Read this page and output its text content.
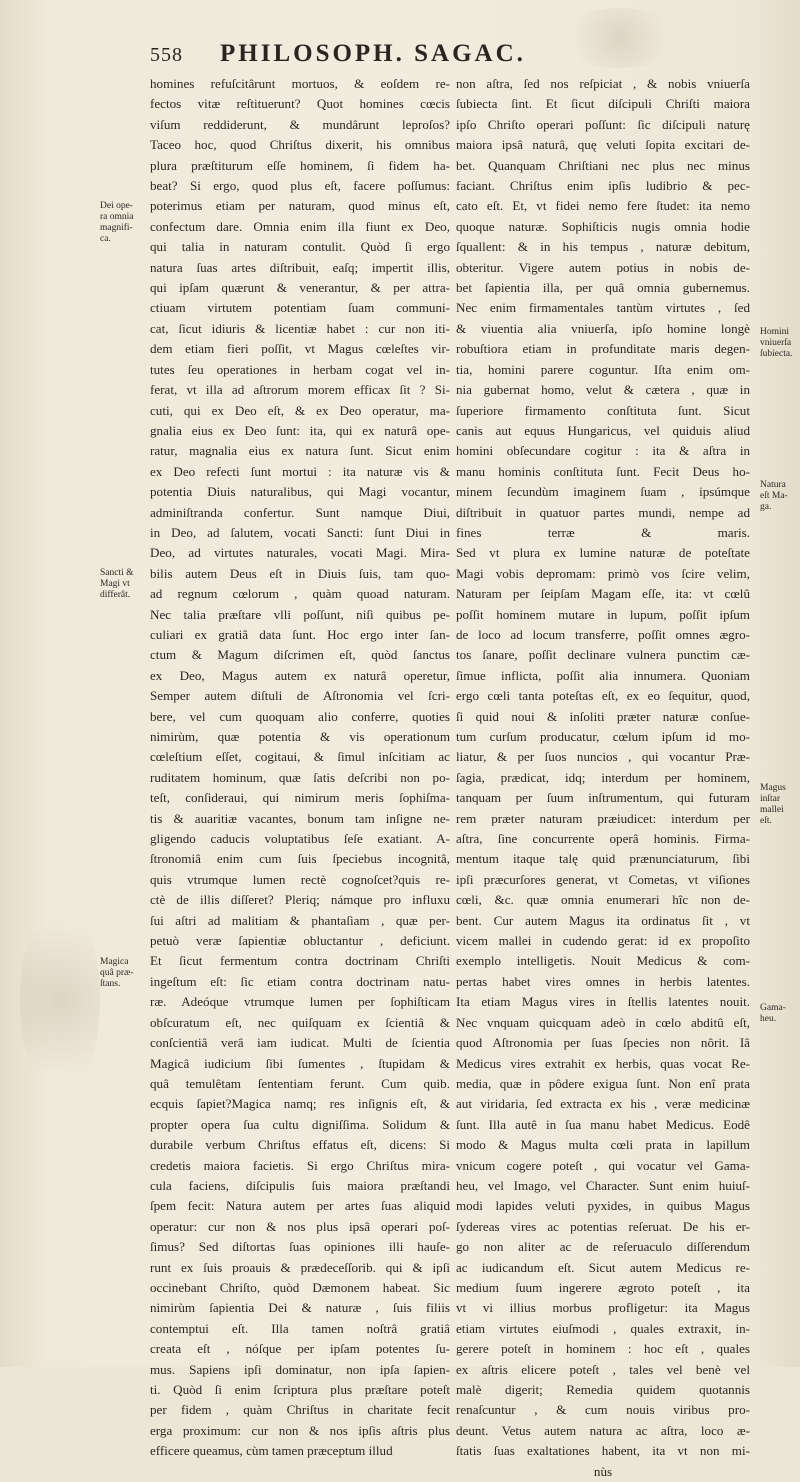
558 PHILOSOPH. SAGAC.
homines refuſcitârunt mortuos, & eoſdem re-
fectos vitæ reſtituerunt? Quot homines cœcis
viſum reddiderunt, & mundârunt leproſos?
Taceo hoc, quod Chriſtus dixerit, his omnibus
plura præſtiturum eſſe hominem, ſi fidem ha-
beat? Si ergo, quod plus eſt, facere poſſumus:
poterimus etiam per naturam, quod minus eſt,
confectum dare. Omnia enim illa fiunt ex Deo,
qui talia in naturam contulit. Quòd ſi ergo
natura ſuas artes diſtribuit, eaſq; impertit illis,
qui ipſam quærunt & venerantur, & per attra-
ctiuam virtutem potentiam ſuam communi-
cat, ſicut idiuris & licentiæ habet : cur non iti-
dem etiam fieri poſſit, vt Magus cœleſtes vir-
tutes ſeu operationes in herbam cogat vel in-
ferat, vt illa ad aſtrorum morem efficax ſit ? Si-
cuti, qui ex Deo eſt, & ex Deo operatur, ma-
gnalia eius ex Deo ſunt: ita, qui ex naturâ ope-
ratur, magnalia eius ex natura ſunt. Sicut enim
ex Deo refecti ſunt mortui : ita naturæ vis &
potentia Diuis naturalibus, qui Magi vocantur,
adminiſtranda confertur. Sunt namque Diui,
in Deo, ad ſalutem, vocati Sancti: ſunt Diui in
Deo, ad virtutes naturales, vocati Magi. Mira-
bilis autem Deus eſt in Diuis ſuis, tam quo-
ad regnum cœlorum , quàm quoad naturam.
Nec talia præſtare vlli poſſunt, niſi quibus pe-
culiari ex gratiâ data ſunt. Hoc ergo inter ſan-
ctum & Magum diſcrimen eſt, quòd ſanctus
ex Deo, Magus autem ex naturâ operetur,
Semper autem diſtuli de Aſtronomia vel ſcri-
bere, vel cum quoquam alio conferre, quoties
nimirùm, quæ potentia & vis operationum
cœleſtium eſſet, cogitaui, & ſimul inſcitiam ac
ruditatem hominum, quæ ſatis deſcribi non po-
teſt, conſideraui, qui nimirum meris ſophiſma-
tis & auaritiæ vacantes, bonum tam inſigne ne-
gligendo caducis voluptatibus ſeſe exatiant. A-
ſtronomiâ enim cum ſuis ſpeciebus incognitâ,
quis vtrumque lumen rectè cognoſcet?quis re-
ctè de illis diſſeret? Pleriq; námque pro influxu
ſui aſtri ad malitiam & phantaſiam , quæ per-
petuò veræ ſapientiæ obluctantur , deficiunt.
Et ſicut fermentum contra doctrinam Chriſti
ingeſtum eſt: ſic etiam contra doctrinam natu-
ræ. Adeóque vtrumque lumen per ſophiſticam
obſcuratum eſt, nec quiſquam ex ſcientiâ &
conſcientiâ verâ iam iudicat. Multi de ſcientia
Magicâ iudicium ſibi ſumentes , ſtupidam &
quâ temulêtam ſententiam ferunt. Cum quib.
ecquis ſapiet?Magica namq; res inſignis eſt, &
propter opera ſua cultu digniſſima. Solidum &
durabile verbum Chriſtus effatus eſt, dicens: Si
credetis maiora facietis. Si ergo Chriſtus mira-
cula faciens, diſcipulis ſuis maiora præſtandi
ſpem fecit: Natura autem per artes ſuas aliquid
operatur: cur non & nos plus ipsâ operari poſ-
ſimus? Sed diſtortas ſuas opiniones illi hauſe-
runt ex ſuis proauis & prædeceſſorib. qui & ipſi
occinebant Chriſto, quòd Dæmonem habeat. Sic
nimirùm ſapientia Dei & naturæ , ſuis filiis
contemptui eſt. Illa tamen noſtrâ gratiâ
creata eſt , nóſque per ipſam potentes ſu-
mus. Sapiens ipſi dominatur, non ipſa ſapien-
ti. Quòd ſi enim ſcriptura plus præſtare poteſt
per fidem , quàm Chriſtus in charitate fecit
erga proximum: cur non & nos ipſis aſtris plus
efficere queamus, cùm tamen præceptum illud
non aſtra, ſed nos reſpiciat , & nobis vniuerſa
ſubiecta ſint. Et ſicut diſcipuli Chriſti maiora
ipſo Chriſto operari poſſunt: ſic diſcipuli naturę
maiora ipsâ naturâ, quę veluti ſopita excitari de-
bet. Quanquam Chriſtiani nec plus nec minus
faciant. Chriſtus enim ipſis ludibrio & pec-
cato eſt. Et, vt fidei nemo fere ſtudet: ita nemo
quoque naturæ. Sophiſticis nugis omnia hodie
ſquallent: & in his tempus , naturæ debitum,
obteritur. Vigere autem potius in nobis de-
bet ſapientia illa, per quâ omnia gubernemus.
Nec enim firmamentales tantùm virtutes , ſed
& viuentia alia vniuerſa, ipſo homine longè
robuſtiora etiam in profunditate maris degen-
tia, homini parere coguntur. Iſta enim om-
nia gubernat homo, velut & cætera , quæ in
ſuperiore firmamento conſtituta ſunt. Sicut
canis aut equus Hungaricus, vel quiduis aliud
homini obſecundare cogitur : ita & aſtra in
manu hominis conſtituta ſunt. Fecit Deus ho-
minem ſecundùm imaginem ſuam , ipsúmque
diſtribuit in quatuor partes mundi, nempe ad
fines terræ & maris.
Sed vt plura ex lumine naturæ de poteſtate
Magi vobis depromam: primò vos ſcire velim,
Naturam per ſeipſam Magam eſſe, ita: vt cœlû
poſſit hominem mutare in lupum, poſſit ipſum
de loco ad locum transferre, poſſit omnes ægro-
tos ſanare, poſſit declinare vulnera punctim cæ-
ſimue inflicta, poſſit alia innumera. Quoniam
ergo cœli tanta poteſtas eſt, ex eo ſequitur, quod,
ſi quid noui & inſoliti præter naturæ conſue-
tum curſum producatur, cœlum ipſum id mo-
liatur, & per ſuos nuncios , qui vocantur Præ-
ſagia, prædicat, idq; interdum per hominem,
tanquam per ſuum inſtrumentum, qui futuram
rem præter naturam præiudicet: interdum per
aſtra, ſine concurrente operâ hominis. Firma-
mentum itaque talę quid prænunciaturum, ſibi
ipſi præcurſores generat, vt Cometas, vt viſiones
cœli, &c. quæ omnia enumerari hîc non de-
bent. Cur autem Magus ita ordinatus ſit , vt
vicem mallei in cudendo gerat: id ex propoſito
exemplo intelligetis. Nouit Medicus & com-
pertas habet vires omnes in herbis latentes.
Ita etiam Magus vires in ſtellis latentes nouit.
Nec vnquam quicquam adeò in cœlo abditû eſt,
quod Aſtronomia per ſuas ſpecies non nôrit. Iâ
Medicus vires extrahit ex herbis, quas vocat Re-
media, quæ in pôdere exigua ſunt. Non enî prata
aut viridaria, ſed extracta ex his , veræ medicinæ
ſunt. Illa autê in ſua manu habet Medicus. Eodê
modo & Magus multa cœli prata in lapillum
vnicum cogere poteſt , qui vocatur vel Gama-
heu, vel Imago, vel Character. Sunt enim huiuſ-
modi lapides veluti pyxides, in quibus Magus
ſydereas vires ac potentias reſeruat. De his er-
go non aliter ac de reſeruaculo diſſerendum
ac iudicandum eſt. Sicut autem Medicus re-
medium ſuum ingerere ægroto poteſt , ita
vt vi illius morbus profligetur: ita Magus
etiam virtutes eiuſmodi , quales extraxit, in-
gerere poteſt in hominem : hoc eſt , quales
ex aſtris elicere poteſt , tales vel benè vel
malè digerit; Remedia quidem quotannis
renaſcuntur , & cum nouis viribus pro-
deunt. Vetus autem natura ac aſtra, loco æ-
ſtatis ſuas exaltationes habent, ita vt non mi-
nùs
Dei ope-
ra omnia
magnifi-
ca.
Sancti &
Magi vt
differât.
Magica
quâ præ-
ſtans.
Homini
vniuerſa
ſubiecta.
Natura
eſt Ma-
ga.
Magus
inſtar
mallei
eſt.
Gama-
heu.
